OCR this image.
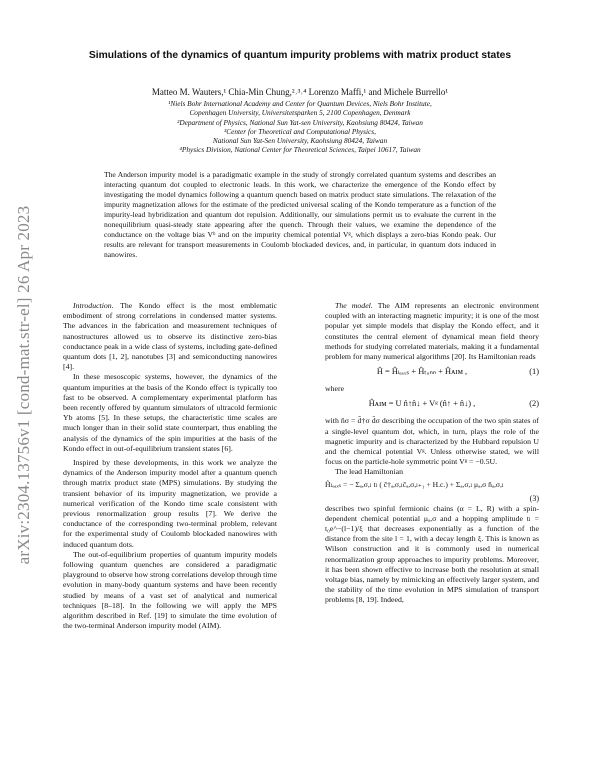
arXiv:2304.13756v1 [cond-mat.str-el] 26 Apr 2023
Simulations of the dynamics of quantum impurity problems with matrix product states
Matteo M. Wauters,¹ Chia-Min Chung,²˒³˒⁴ Lorenzo Maffi,¹ and Michele Burrello¹
¹Niels Bohr International Academy and Center for Quantum Devices, Niels Bohr Institute,
Copenhagen University, Universitetsparken 5, 2100 Copenhagen, Denmark
²Department of Physics, National Sun Yat-sen University, Kaohsiung 80424, Taiwan
³Center for Theoretical and Computational Physics,
National Sun Yat-Sen University, Kaohsiung 80424, Taiwan
⁴Physics Division, National Center for Theoretical Sciences, Taipei 10617, Taiwan
The Anderson impurity model is a paradigmatic example in the study of strongly correlated quantum systems and describes an interacting quantum dot coupled to electronic leads. In this work, we characterize the emergence of the Kondo effect by investigating the model dynamics following a quantum quench based on matrix product state simulations. The relaxation of the impurity magnetization allows for the estimate of the predicted universal scaling of the Kondo temperature as a function of the impurity-lead hybridization and quantum dot repulsion. Additionally, our simulations permit us to evaluate the current in the nonequilibrium quasi-steady state appearing after the quench. Through their values, we examine the dependence of the conductance on the voltage bias Vᵇ and on the impurity chemical potential Vᵍ, which displays a zero-bias Kondo peak. Our results are relevant for transport measurements in Coulomb blockaded devices, and, in particular, in quantum dots induced in nanowires.

Introduction. The Kondo effect is the most emblematic embodiment of strong correlations in condensed matter systems. The advances in the fabrication and measurement techniques of nanostructures allowed us to observe its distinctive zero-bias conductance peak in a wide class of systems, including gate-defined quantum dots [1, 2], nanotubes [3] and semiconducting nanowires [4].

In these mesoscopic systems, however, the dynamics of the quantum impurities at the basis of the Kondo effect is typically too fast to be observed. A complementary experimental platform has been recently offered by quantum simulators of ultracold fermionic Yb atoms [5]. In these setups, the characteristic time scales are much longer than in their solid state counterpart, thus enabling the analysis of the dynamics of the spin impurities at the basis of the Kondo effect in out-of-equilibrium transient states [6].

Inspired by these developments, in this work we analyze the dynamics of the Anderson impurity model after a quantum quench through matrix product state (MPS) simulations. By studying the transient behavior of its impurity magnetization, we provide a numerical verification of the Kondo time scale consistent with previous renormalization group results [7]. We derive the conductance of the corresponding two-terminal problem, relevant for the experimental study of Coulomb blockaded nanowires with induced quantum dots.

The out-of-equilibrium properties of quantum impurity models following quantum quenches are considered a paradigmatic playground to observe how strong correlations develop through time evolution in many-body quantum systems and have been recently studied by means of a vast set of analytical and numerical techniques [8–18]. In the following we will apply the MPS algorithm described in Ref. [19] to simulate the time evolution of the two-terminal Anderson impurity model (AIM).

The model. The AIM represents an electronic environment coupled with an interacting magnetic impurity; it is one of the most popular yet simple models that display the Kondo effect, and it constitutes the central element of dynamical mean field theory methods for studying correlated materials, making it a fundamental problem for many numerical algorithms [20]. Its Hamiltonian reads

Ĥ = Ĥₗₑₐₓₛ + Ĥₜᵤₙₙ + Ĥᴀɪᴍ ,	(1)

where

Ĥᴀɪᴍ = U n̂↑n̂↓ + Vᵍ (n̂↑ + n̂↓) ,	(2)

with n̂σ = d̂†σ d̂σ describing the occupation of the two spin states of a single-level quantum dot, which, in turn, plays the role of the magnetic impurity and is characterized by the Hubbard repulsion U and the chemical potential Vᵍ. Unless otherwise stated, we will focus on the particle-hole symmetric point Vᵍ = −0.5U.

The lead Hamiltonian

Ĥₗₑₐₓₛ = − Σₐ,σ,ₗ tₗ ( ĉ†ₐ,σ,ₗĉₐ,σ,ₗ₊₁ + H.c.) + Σₐ,σ,ₗ μₐ,σ n̂ₐ,σ,ₗ
(3)

describes two spinful fermionic chains (α = L, R) with a spin-dependent chemical potential μₐ,σ and a hopping amplitude tₗ = t₀e^−(l−1)/ξ that decreases exponentially as a function of the distance from the site l = 1, with a decay length ξ. This is known as Wilson construction and it is commonly used in numerical renormalization group approaches to impurity problems. Moreover, it has been shown effective to increase both the resolution at small voltage bias, namely by mimicking an effectively larger system, and the stability of the time evolution in MPS simulation of transport problems [8, 19]. Indeed,
